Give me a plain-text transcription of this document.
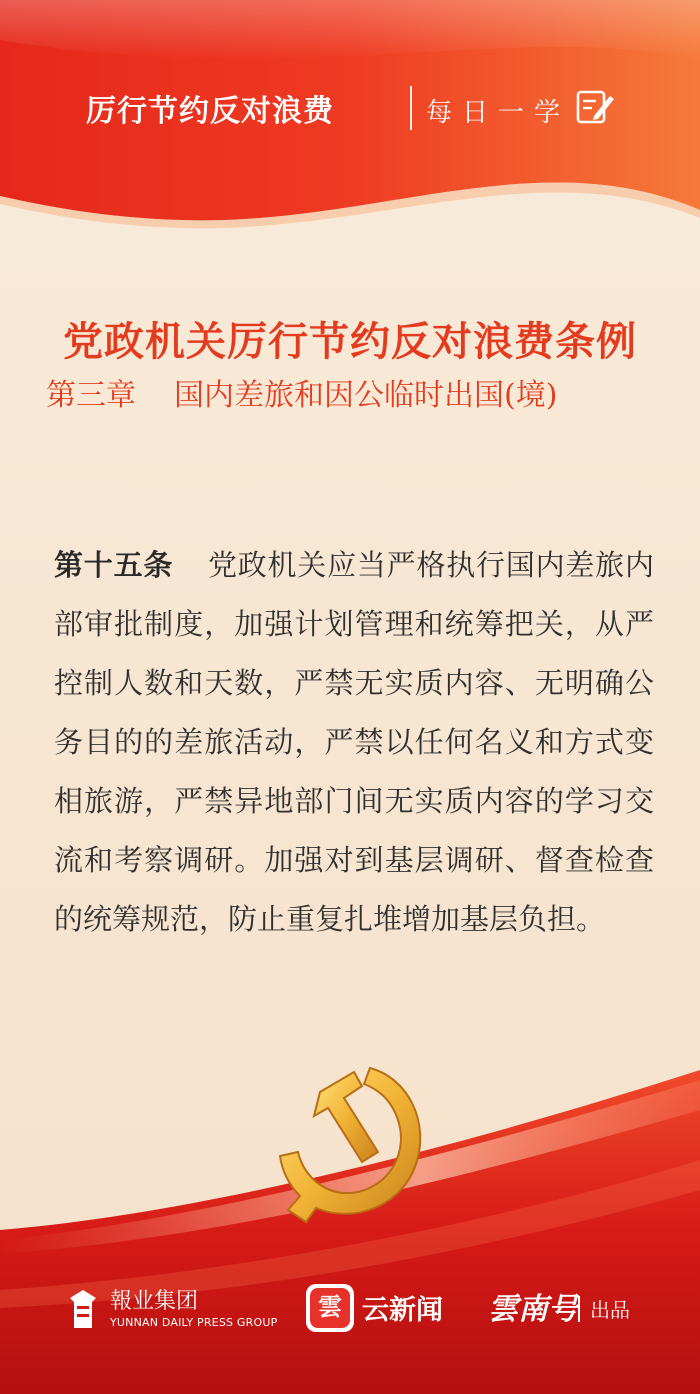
厉行节约反对浪费	每日一学
党政机关厉行节约反对浪费条例
第三章 国内差旅和因公临时出国(境)
第十五条 党政机关应当严格执行国内差旅内部审批制度，加强计划管理和统筹把关，从严控制人数和天数，严禁无实质内容、无明确公务目的的差旅活动，严禁以任何名义和方式变相旅游，严禁异地部门间无实质内容的学习交流和考察调研。加强对到基层调研、督查检查的统筹规范，防止重复扎堆增加基层负担。
報业集团
YUNNAN DAILY PRESS GROUP
雲 云新闻 雲南号 出品
